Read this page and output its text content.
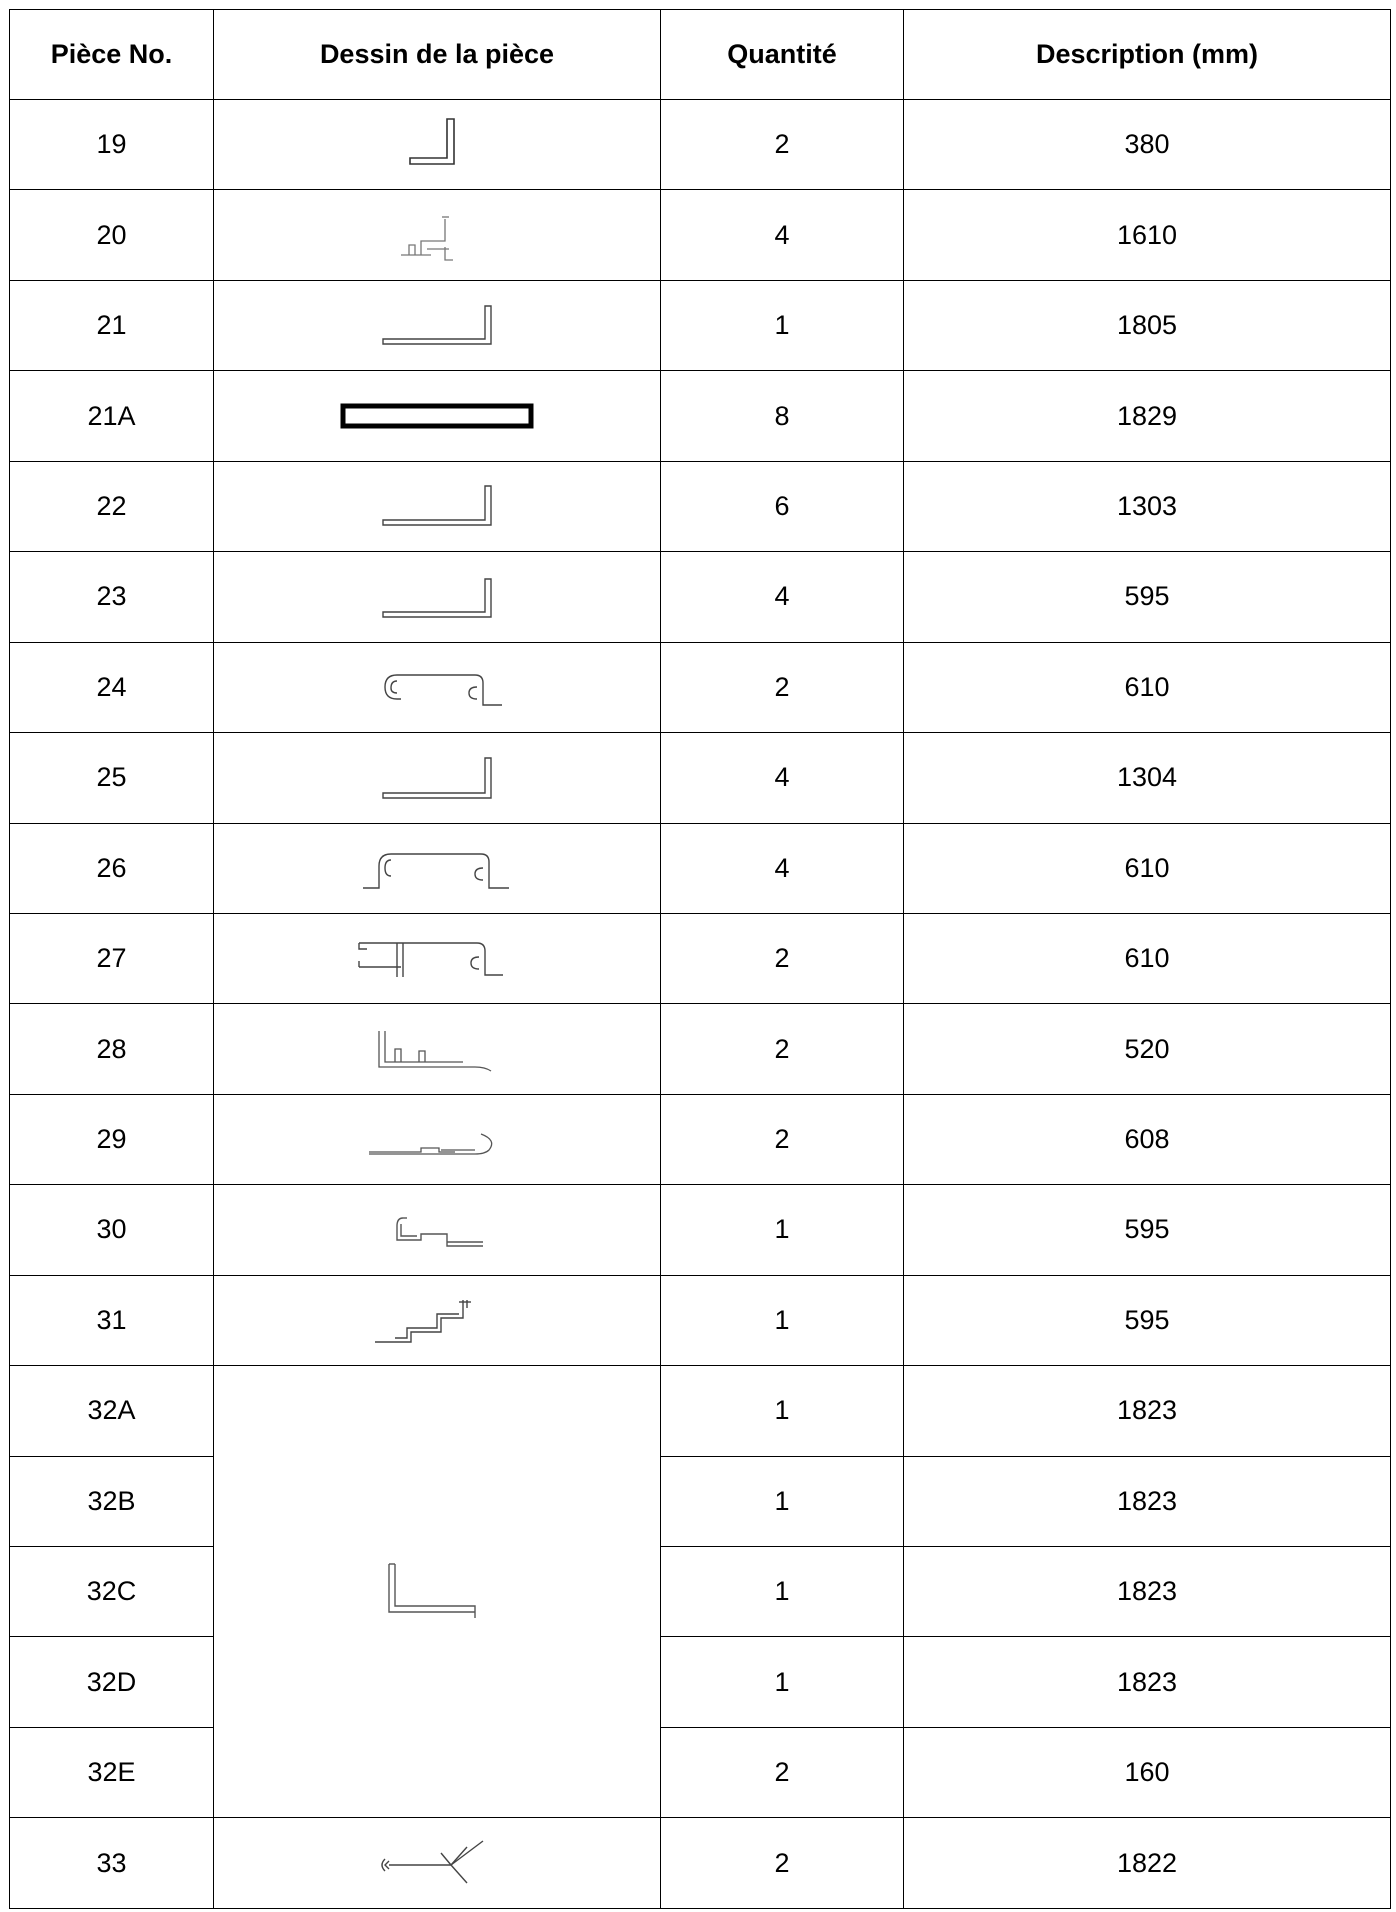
Pièce No.	Dessin de la pièce	Quantité	Description (mm)
19		2	380
20		4	1610
21		1	1805
21A		8	1829
22		6	1303
23		4	595
24		2	610
25		4	1304
26		4	610
27		2	610
28		2	520
29		2	608
30		1	595
31		1	595
32A		1	1823
32B		1	1823
32C		1	1823
32D		1	1823
32E		2	160
33		2	1822
